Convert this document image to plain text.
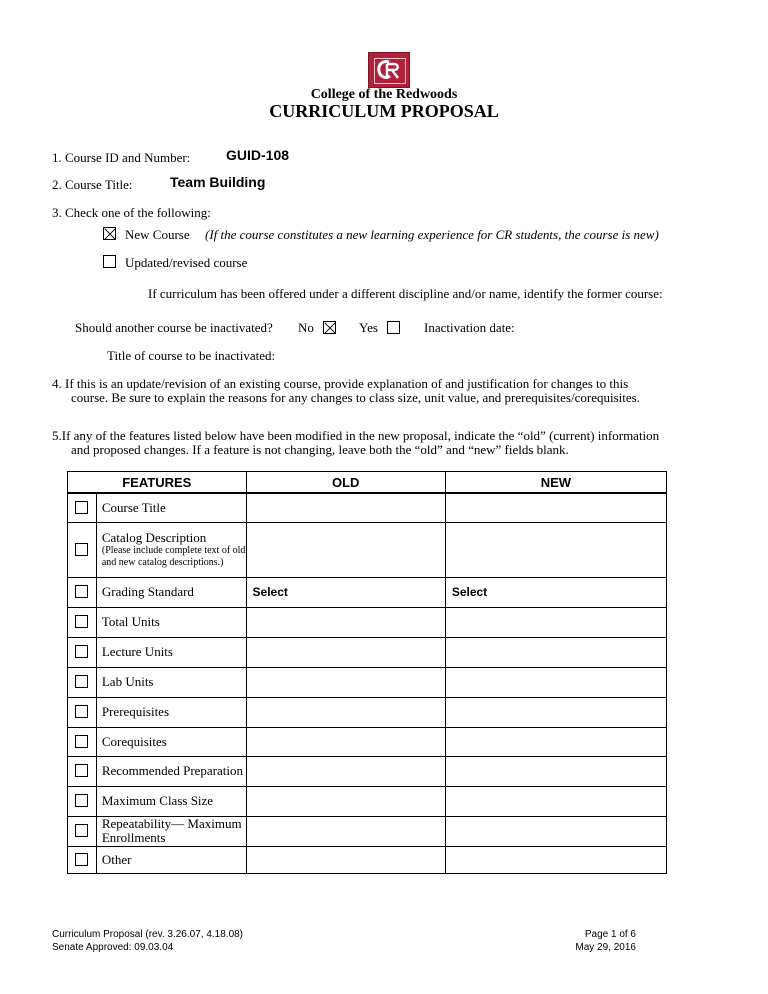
College of the Redwoods
CURRICULUM PROPOSAL
1. Course ID and Number:	GUID-108
2. Course Title:	Team Building
3. Check one of the following:
New Course (If the course constitutes a new learning experience for CR students, the course is new)
Updated/revised course
If curriculum has been offered under a different discipline and/or name, identify the former course:
Should another course be inactivated? No	Yes	Inactivation date:
Title of course to be inactivated:
4. If this is an update/revision of an existing course, provide explanation of and justification for changes to this
course. Be sure to explain the reasons for any changes to class size, unit value, and prerequisites/corequisites.
5.If any of the features listed below have been modified in the new proposal, indicate the “old” (current) information
and proposed changes. If a feature is not changing, leave both the “old” and “new” fields blank.
FEATURES		OLD	NEW

	Course Title		

	Catalog Description
(Please include complete text of old and new catalog descriptions.)		

	Grading Standard	Select	Select

	Total Units		

	Lecture Units		

	Lab Units		

	Prerequisites		

	Corequisites		

	Recommended Preparation		

	Maximum Class Size		

	Repeatability— Maximum Enrollments		

	Other		
Curriculum Proposal (rev. 3.26.07, 4.18.08)
Senate Approved: 09.03.04
Page 1 of 6
May 29, 2016
